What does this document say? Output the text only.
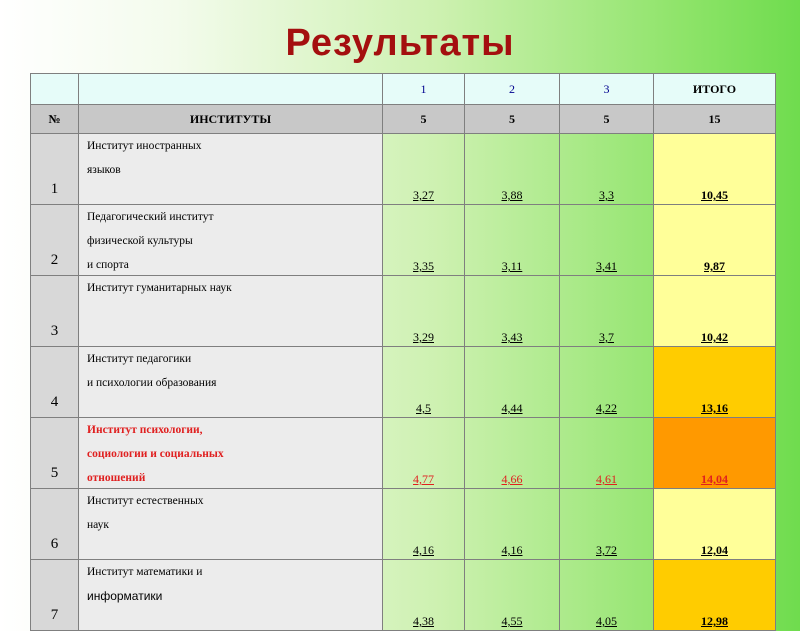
Результаты
		1	2	3	ИТОГО
№	ИНСТИТУТЫ	5	5	5	15
1	Институт иностранных
языков	3,27	3,88	3,3	10,45
2	Педагогический институт
физической культуры
и спорта	3,35	3,11	3,41	9,87
3	Институт гуманитарных наук	3,29	3,43	3,7	10,42
4	Институт педагогики
и психологии образования	4,5	4,44	4,22	13,16
5	Институт психологии,
социологии и социальных
отношений	4,77	4,66	4,61	14,04
6	Институт естественных
наук	4,16	4,16	3,72	12,04
7	Институт математики и
информатики	4,38	4,55	4,05	12,98
